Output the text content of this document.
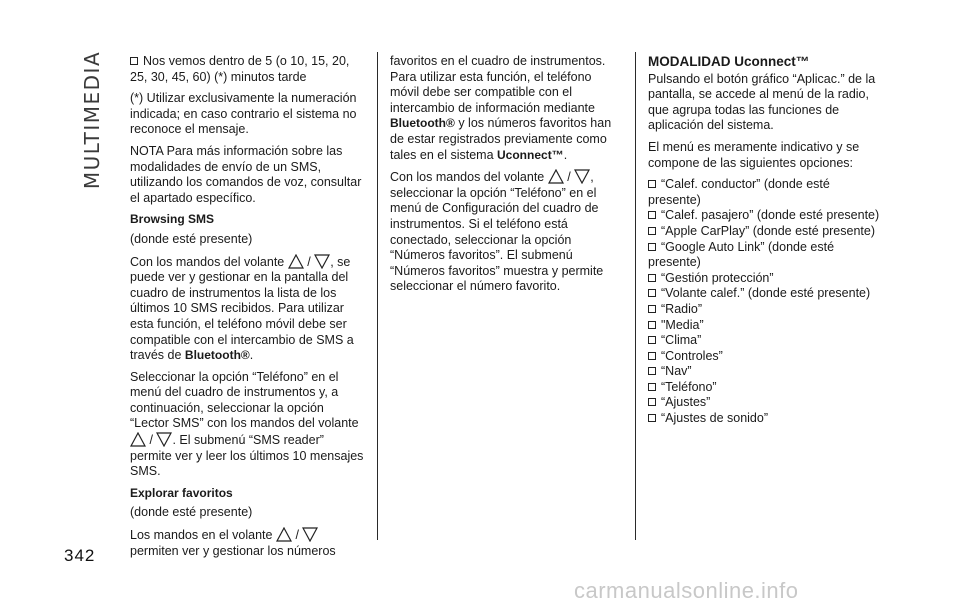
MULTIMEDIA
342
Nos vemos dentro de 5 (o 10, 15, 20, 25, 30, 45, 60) (*) minutos tarde

(*) Utilizar exclusivamente la numeración indicada; en caso contrario el sistema no reconoce el mensaje.

NOTA Para más información sobre las modalidades de envío de un SMS, utilizando los comandos de voz, consultar el apartado específico.

Browsing SMS

(donde esté presente)

Con los mandos del volante / , se puede ver y gestionar en la pantalla del cuadro de instrumentos la lista de los últimos 10 SMS recibidos. Para utilizar esta función, el teléfono móvil debe ser compatible con el intercambio de SMS a través de Bluetooth®.

Seleccionar la opción “Teléfono” en el menú del cuadro de instrumentos y, a continuación, seleccionar la opción “Lector SMS” con los mandos del volante  / . El submenú “SMS reader” permite ver y leer los últimos 10 mensajes SMS.

Explorar favoritos

(donde esté presente)

Los mandos en el volante /  permiten ver y gestionar los números

favoritos en el cuadro de instrumentos. Para utilizar esta función, el teléfono móvil debe ser compatible con el intercambio de información mediante Bluetooth® y los números favoritos han de estar registrados previamente como tales en el sistema Uconnect™.

Con los mandos del volante / , seleccionar la opción “Teléfono” en el menú de Configuración del cuadro de instrumentos. Si el teléfono está conectado, seleccionar la opción “Números favoritos”. El submenú “Números favoritos” muestra y permite seleccionar el número favorito.

MODALIDAD Uconnect™

Pulsando el botón gráfico “Aplicac.” de la pantalla, se accede al menú de la radio, que agrupa todas las funciones de aplicación del sistema.

El menú es meramente indicativo y se compone de las siguientes opciones:

“Calef. conductor” (donde esté presente)
“Calef. pasajero” (donde esté presente)
“Apple CarPlay” (donde esté presente)
“Google Auto Link” (donde esté presente)
“Gestión protección”
“Volante calef.” (donde esté presente)
“Radio”
"Media”
“Clima”
“Controles”
“Nav”
“Teléfono”
“Ajustes”
“Ajustes de sonido”
carmanualsonline.info
